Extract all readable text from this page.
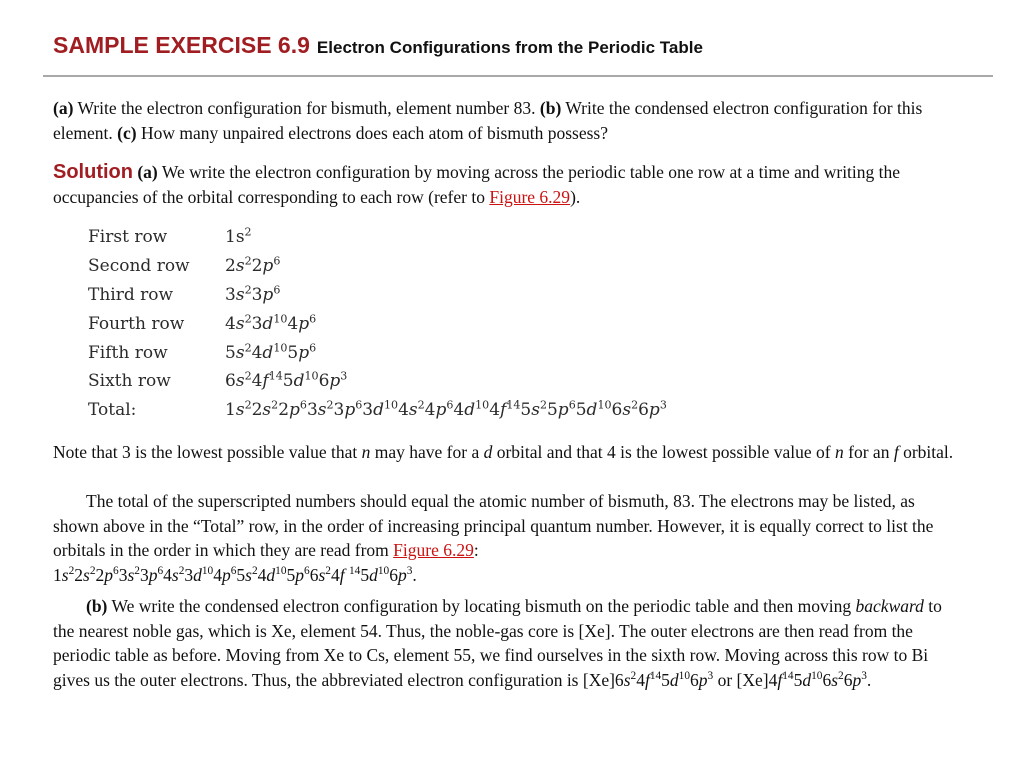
SAMPLE EXERCISE 6.9 Electron Configurations from the Periodic Table

(a) Write the electron configuration for bismuth, element number 83. (b) Write the condensed electron configuration for this element. (c) How many unpaired electrons does each atom of bismuth possess?

Solution (a) We write the electron configuration by moving across the periodic table one row at a time and writing the occupancies of the orbital corresponding to each row (refer to Figure 6.29).

First row	$1s^2$
Second row	$2s^22p^6$
Third row	$3s^23p^6$
Fourth row	$4s^23d^{10}4p^6$
Fifth row	$5s^24d^{10}5p^6$
Sixth row	$6s^24f^{14}5d^{10}6p^3$
Total:	$1s^22s^22p^63s^23p^63d^{10}4s^24p^64d^{10}4f^{14}5s^25p^65d^{10}6s^26p^3$

Note that 3 is the lowest possible value that n may have for a d orbital and that 4 is the lowest possible value of n for an f orbital.

The total of the superscripted numbers should equal the atomic number of bismuth, 83. The electrons may be listed, as shown above in the “Total” row, in the order of increasing principal quantum number. However, it is equally correct to list the orbitals in the order in which they are read from Figure 6.29:
$1s^22s^22p^63s^23p^64s^23d^{10}4p^65s^24d^{10}5p^66s^24f$ $^{14}5d^{10}6p^3$.

(b) We write the condensed electron configuration by locating bismuth on the periodic table and then moving backward to the nearest noble gas, which is Xe, element 54. Thus, the noble-gas core is [Xe]. The outer electrons are then read from the periodic table as before. Moving from Xe to Cs, element 55, we find ourselves in the sixth row. Moving across this row to Bi gives us the outer electrons. Thus, the abbreviated electron configuration is $[Xe]6s^24f^{14}5d^{10}6p^3$ or $[Xe]4f^{14}5d^{10}6s^26p^3$.
